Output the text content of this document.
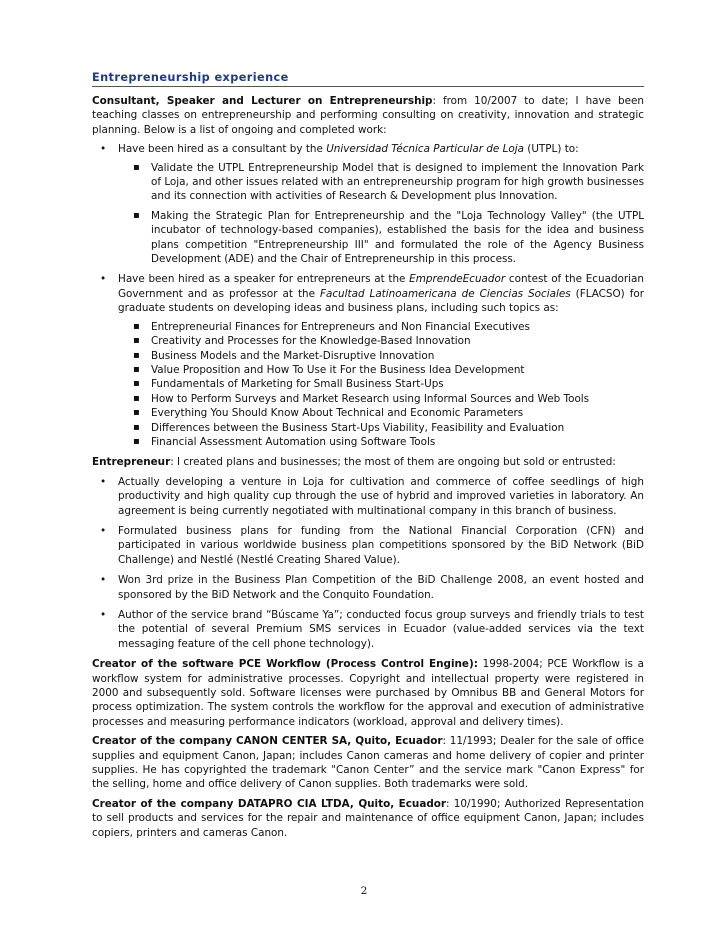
Entrepreneurship experience

Consultant, Speaker and Lecturer on Entrepreneurship: from 10/2007 to date; I have been teaching classes on entrepreneurship and performing consulting on creativity, innovation and strategic planning. Below is a list of ongoing and completed work:

• Have been hired as a consultant by the Universidad Técnica Particular de Loja (UTPL) to:
▪ Validate the UTPL Entrepreneurship Model that is designed to implement the Innovation Park of Loja, and other issues related with an entrepreneurship program for high growth businesses and its connection with activities of Research & Development plus Innovation.
▪ Making the Strategic Plan for Entrepreneurship and the "Loja Technology Valley" (the UTPL incubator of technology-based companies), established the basis for the idea and business plans competition "Entrepreneurship III" and formulated the role of the Agency Business Development (ADE) and the Chair of Entrepreneurship in this process.
• Have been hired as a speaker for entrepreneurs at the EmprendeEcuador contest of the Ecuadorian Government and as professor at the Facultad Latinoamericana de Ciencias Sociales (FLACSO) for graduate students on developing ideas and business plans, including such topics as:
▪ Entrepreneurial Finances for Entrepreneurs and Non Financial Executives
▪ Creativity and Processes for the Knowledge-Based Innovation
▪ Business Models and the Market-Disruptive Innovation
▪ Value Proposition and How To Use it For the Business Idea Development
▪ Fundamentals of Marketing for Small Business Start-Ups
▪ How to Perform Surveys and Market Research using Informal Sources and Web Tools
▪ Everything You Should Know About Technical and Economic Parameters
▪ Differences between the Business Start-Ups Viability, Feasibility and Evaluation
▪ Financial Assessment Automation using Software Tools

Entrepreneur: I created plans and businesses; the most of them are ongoing but sold or entrusted:

• Actually developing a venture in Loja for cultivation and commerce of coffee seedlings of high productivity and high quality cup through the use of hybrid and improved varieties in laboratory. An agreement is being currently negotiated with multinational company in this branch of business.
• Formulated business plans for funding from the National Financial Corporation (CFN) and participated in various worldwide business plan competitions sponsored by the BiD Network (BiD Challenge) and Nestlé (Nestlé Creating Shared Value).
• Won 3rd prize in the Business Plan Competition of the BiD Challenge 2008, an event hosted and sponsored by the BiD Network and the Conquito Foundation.
• Author of the service brand “Búscame Ya”; conducted focus group surveys and friendly trials to test the potential of several Premium SMS services in Ecuador (value-added services via the text messaging feature of the cell phone technology).

Creator of the software PCE Workflow (Process Control Engine): 1998-2004; PCE Workflow is a workflow system for administrative processes. Copyright and intellectual property were registered in 2000 and subsequently sold. Software licenses were purchased by Omnibus BB and General Motors for process optimization. The system controls the workflow for the approval and execution of administrative processes and measuring performance indicators (workload, approval and delivery times).

Creator of the company CANON CENTER SA, Quito, Ecuador: 11/1993; Dealer for the sale of office supplies and equipment Canon, Japan; includes Canon cameras and home delivery of copier and printer supplies. He has copyrighted the trademark "Canon Center” and the service mark "Canon Express" for the selling, home and office delivery of Canon supplies. Both trademarks were sold.

Creator of the company DATAPRO CIA LTDA, Quito, Ecuador: 10/1990; Authorized Representation to sell products and services for the repair and maintenance of office equipment Canon, Japan; includes copiers, printers and cameras Canon.

2
